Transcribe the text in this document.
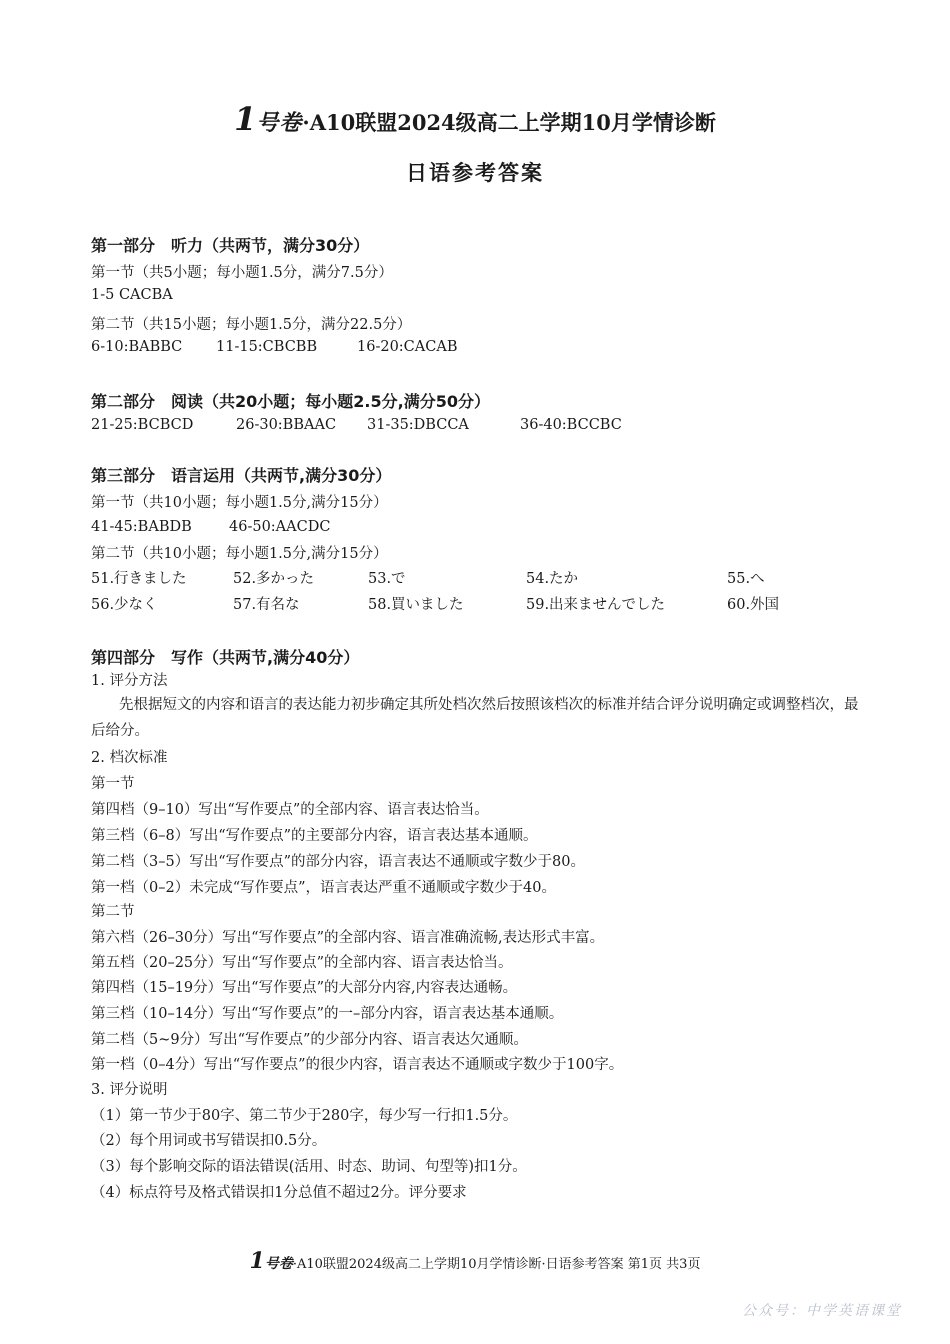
1号卷·A10联盟2024级高二上学期10月学情诊断
日语参考答案
第一部分　听力（共两节，满分30分）
第一节（共5小题；每小题1.5分，满分7.5分）
1-5 CACBA
第二节（共15小题；每小题1.5分，满分22.5分）
6-10:BABBC 11-15:CBCBB	16-20:CACAB
第二部分　阅读（共20小题；每小题2.5分,满分50分）
21-25:BCBCD	26-30:BBAAC 31-35:DBCCA	36-40:BCCBC
第三部分　语言运用（共两节,满分30分）
第一节（共10小题；每小题1.5分,满分15分）
41-45:BABDB	46-50:AACDC
第二节（共10小题；每小题1.5分,满分15分）
51.行きました	52.多かった	53.で	54.たか	55.へ
56.少なく	57.有名な	58.買いました	59.出来ませんでした	60.外国
第四部分　写作（共两节,满分40分）
1. 评分方法
先根据短文的内容和语言的表达能力初步确定其所处档次然后按照该档次的标准并结合评分说明确定或调整档次，最后给分。
2. 档次标准
第一节
第四档（9–10）写出“写作要点”的全部内容、语言表达恰当。
第三档（6–8）写出“写作要点”的主要部分内容，语言表达基本通顺。
第二档（3–5）写出“写作要点”的部分内容，语言表达不通顺或字数少于80。
第一档（0–2）未完成“写作要点”，语言表达严重不通顺或字数少于40。
第二节
第六档（26–30分）写出“写作要点”的全部内容、语言准确流畅,表达形式丰富。
第五档（20–25分）写出“写作要点”的全部内容、语言表达恰当。
第四档（15–19分）写出“写作要点”的大部分内容,内容表达通畅。
第三档（10–14分）写出“写作要点”的一–部分内容，语言表达基本通顺。
第二档（5~9分）写出“写作要点”的少部分内容、语言表达欠通顺。
第一档（0–4分）写出“写作要点”的很少内容，语言表达不通顺或字数少于100字。
3. 评分说明
（1）第一节少于80字、第二节少于280字，每少写一行扣1.5分。
（2）每个用词或书写错误扣0.5分。
（3）每个影响交际的语法错误(活用、时态、助词、句型等)扣1分。
（4）标点符号及格式错误扣1分总值不超过2分。评分要求
1号卷·A10联盟2024级高二上学期10月学情诊断·日语参考答案 第1页 共3页
公众号：中学英语课堂
